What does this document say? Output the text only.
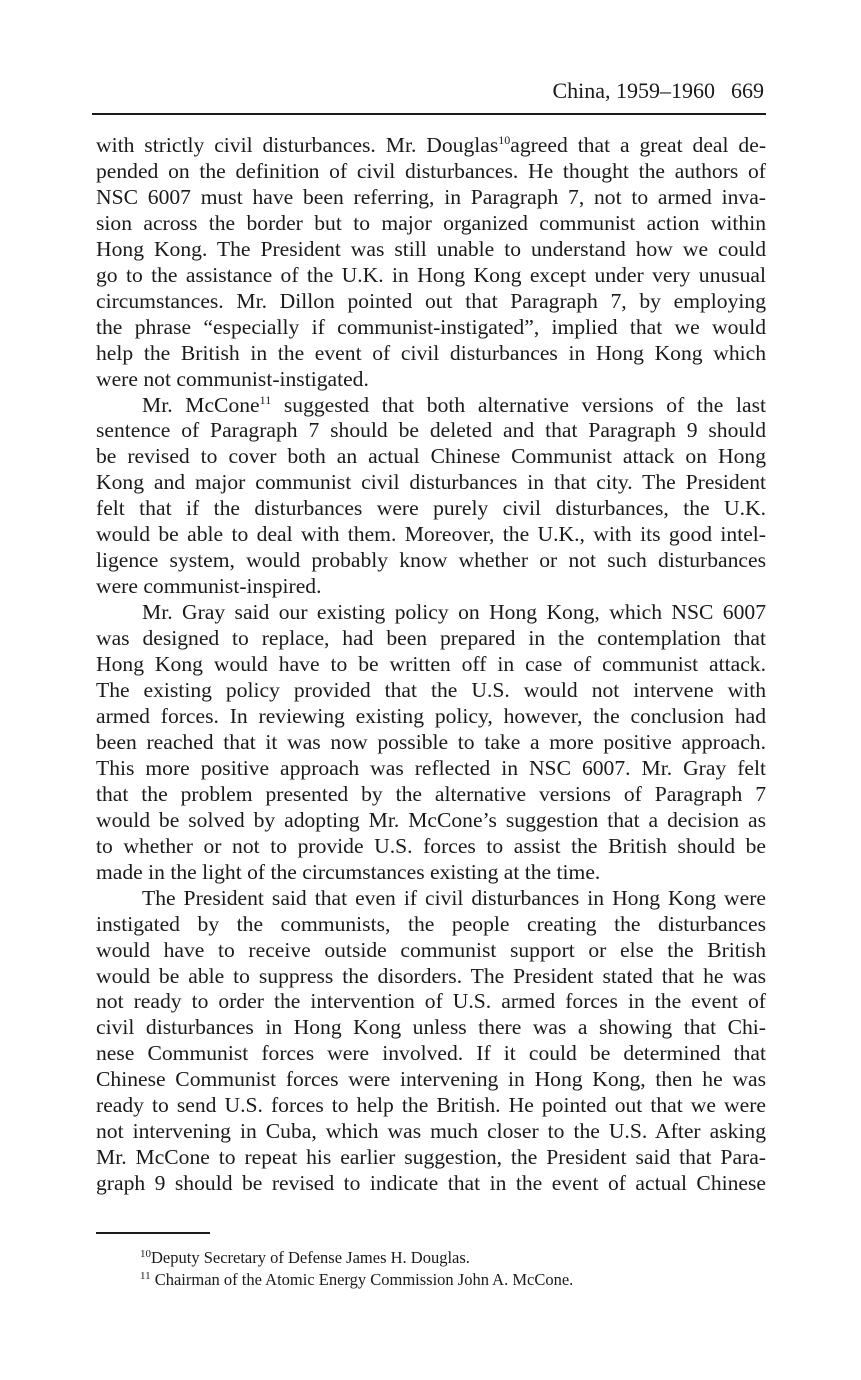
China, 1959–1960 669

with strictly civil disturbances. Mr. Douglas$^{10}$agreed that a great deal de-
pended on the definition of civil disturbances. He thought the authors of
NSC 6007 must have been referring, in Paragraph 7, not to armed inva-
sion across the border but to major organized communist action within
Hong Kong. The President was still unable to understand how we could
go to the assistance of the U.K. in Hong Kong except under very unusual
circumstances. Mr. Dillon pointed out that Paragraph 7, by employing
the phrase “especially if communist-instigated”, implied that we would
help the British in the event of civil disturbances in Hong Kong which
were not communist-instigated.

Mr. McCone$^{11}$ suggested that both alternative versions of the last
sentence of Paragraph 7 should be deleted and that Paragraph 9 should
be revised to cover both an actual Chinese Communist attack on Hong
Kong and major communist civil disturbances in that city. The President
felt that if the disturbances were purely civil disturbances, the U.K.
would be able to deal with them. Moreover, the U.K., with its good intel-
ligence system, would probably know whether or not such disturbances
were communist-inspired.

Mr. Gray said our existing policy on Hong Kong, which NSC 6007
was designed to replace, had been prepared in the contemplation that
Hong Kong would have to be written off in case of communist attack.
The existing policy provided that the U.S. would not intervene with
armed forces. In reviewing existing policy, however, the conclusion had
been reached that it was now possible to take a more positive approach.
This more positive approach was reflected in NSC 6007. Mr. Gray felt
that the problem presented by the alternative versions of Paragraph 7
would be solved by adopting Mr. McCone’s suggestion that a decision as
to whether or not to provide U.S. forces to assist the British should be
made in the light of the circumstances existing at the time.

The President said that even if civil disturbances in Hong Kong were
instigated by the communists, the people creating the disturbances
would have to receive outside communist support or else the British
would be able to suppress the disorders. The President stated that he was
not ready to order the intervention of U.S. armed forces in the event of
civil disturbances in Hong Kong unless there was a showing that Chi-
nese Communist forces were involved. If it could be determined that
Chinese Communist forces were intervening in Hong Kong, then he was
ready to send U.S. forces to help the British. He pointed out that we were
not intervening in Cuba, which was much closer to the U.S. After asking
Mr. McCone to repeat his earlier suggestion, the President said that Para-
graph 9 should be revised to indicate that in the event of actual Chinese

$^{10}$Deputy Secretary of Defense James H. Douglas.
$^{11}$ Chairman of the Atomic Energy Commission John A. McCone.
